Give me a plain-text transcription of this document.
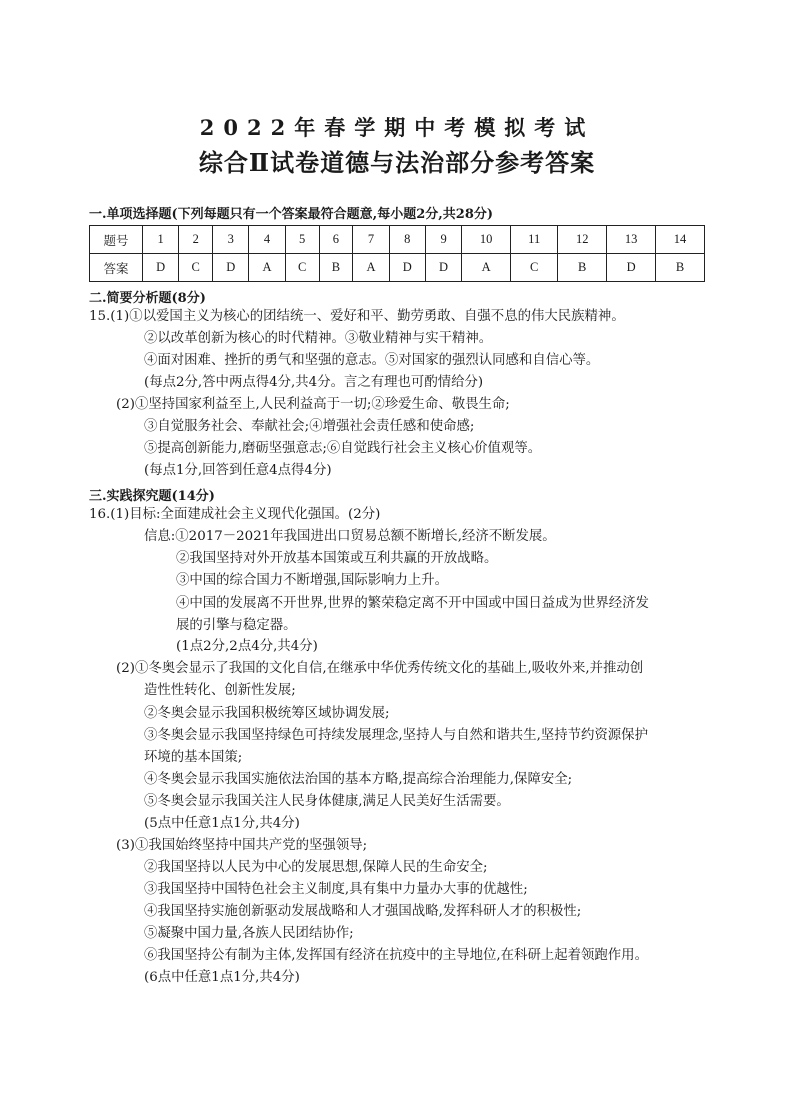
2022年春学期中考模拟考试
综合Ⅱ试卷道德与法治部分参考答案
一.单项选择题(下列每题只有一个答案最符合题意,每小题2分,共28分)
题号	1	2	3	4	5	6	7	8	9	10	11	12	13	14
答案	D	C	D	A	C	B	A	D	D	A	C	B	D	B
二.简要分析题(8分)
15.(1)①以爱国主义为核心的团结统一、爱好和平、勤劳勇敢、自强不息的伟大民族精神。
②以改革创新为核心的时代精神。③敬业精神与实干精神。
④面对困难、挫折的勇气和坚强的意志。⑤对国家的强烈认同感和自信心等。
(每点2分,答中两点得4分,共4分。言之有理也可酌情给分)
(2)①坚持国家利益至上,人民利益高于一切;②珍爱生命、敬畏生命;
③自觉服务社会、奉献社会;④增强社会责任感和使命感;
⑤提高创新能力,磨砺坚强意志;⑥自觉践行社会主义核心价值观等。
(每点1分,回答到任意4点得4分)
三.实践探究题(14分)
16.(1)目标:全面建成社会主义现代化强国。(2分)
信息:①2017－2021年我国进出口贸易总额不断增长,经济不断发展。
②我国坚持对外开放基本国策或互利共赢的开放战略。
③中国的综合国力不断增强,国际影响力上升。
④中国的发展离不开世界,世界的繁荣稳定离不开中国或中国日益成为世界经济发
展的引擎与稳定器。
(1点2分,2点4分,共4分)
(2)①冬奥会显示了我国的文化自信,在继承中华优秀传统文化的基础上,吸收外来,并推动创
造性性转化、创新性发展;
②冬奥会显示我国积极统筹区域协调发展;
③冬奥会显示我国坚持绿色可持续发展理念,坚持人与自然和谐共生,坚持节约资源保护
环境的基本国策;
④冬奥会显示我国实施依法治国的基本方略,提高综合治理能力,保障安全;
⑤冬奥会显示我国关注人民身体健康,满足人民美好生活需要。
(5点中任意1点1分,共4分)
(3)①我国始终坚持中国共产党的坚强领导;
②我国坚持以人民为中心的发展思想,保障人民的生命安全;
③我国坚持中国特色社会主义制度,具有集中力量办大事的优越性;
④我国坚持实施创新驱动发展战略和人才强国战略,发挥科研人才的积极性;
⑤凝聚中国力量,各族人民团结协作;
⑥我国坚持公有制为主体,发挥国有经济在抗疫中的主导地位,在科研上起着领跑作用。
(6点中任意1点1分,共4分)
